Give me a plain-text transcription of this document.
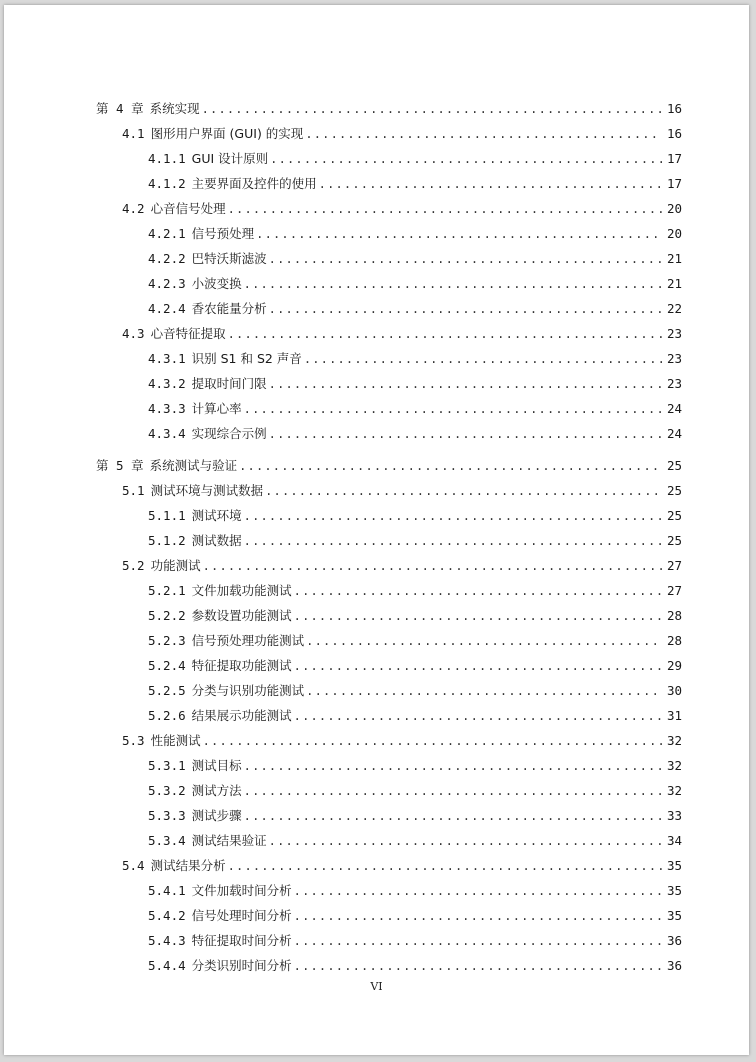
第 4 章 系统实现 .....	16
4.1 图形用户界面 (GUI) 的实现 .....	16
4.1.1 GUI 设计原则 .....	17
4.1.2 主要界面及控件的使用 .....	17
4.2 心音信号处理 .....	20
4.2.1 信号预处理 .....	20
4.2.2 巴特沃斯滤波 .....	21
4.2.3 小波变换 .....	21
4.2.4 香农能量分析 .....	22
4.3 心音特征提取 .....	23
4.3.1 识别 S1 和 S2 声音 .....	23
4.3.2 提取时间门限 .....	23
4.3.3 计算心率 .....	24
4.3.4 实现综合示例 .....	24
第 5 章 系统测试与验证 .....	25
5.1 测试环境与测试数据 .....	25
5.1.1 测试环境 .....	25
5.1.2 测试数据 .....	25
5.2 功能测试 .....	27
5.2.1 文件加载功能测试 .....	27
5.2.2 参数设置功能测试 .....	28
5.2.3 信号预处理功能测试 .....	28
5.2.4 特征提取功能测试 .....	29
5.2.5 分类与识别功能测试 .....	30
5.2.6 结果展示功能测试 .....	31
5.3 性能测试 .....	32
5.3.1 测试目标 .....	32
5.3.2 测试方法 .....	32
5.3.3 测试步骤 .....	33
5.3.4 测试结果验证 .....	34
5.4 测试结果分析 .....	35
5.4.1 文件加载时间分析 .....	35
5.4.2 信号处理时间分析 .....	35
5.4.3 特征提取时间分析 .....	36
5.4.4 分类识别时间分析 .....	36
VI
